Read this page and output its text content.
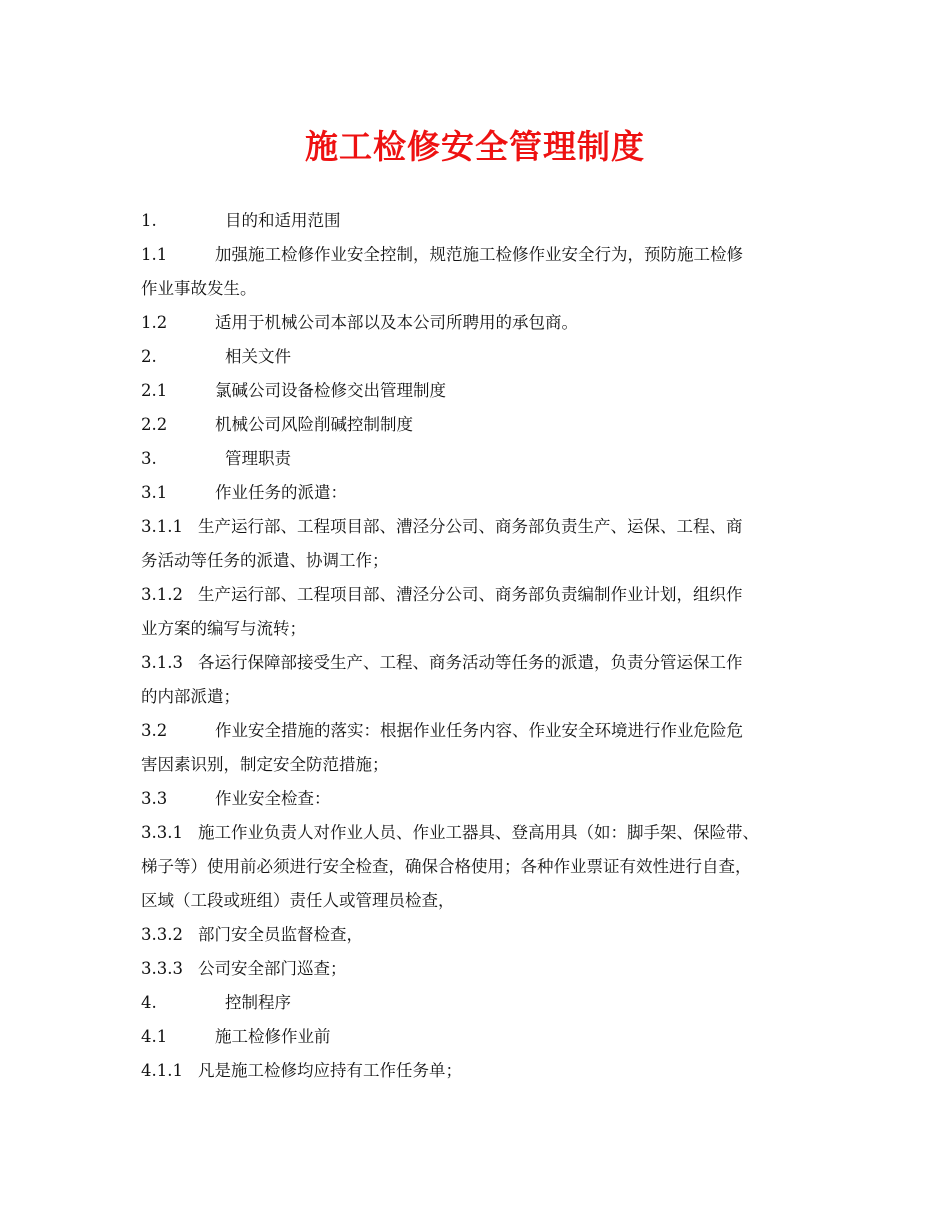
施工检修安全管理制度
1.	目的和适用范围
1.1	加强施工检修作业安全控制，规范施工检修作业安全行为，预防施工检修
作业事故发生。
1.2	适用于机械公司本部以及本公司所聘用的承包商。
2.	相关文件
2.1	氯碱公司设备检修交出管理制度
2.2	机械公司风险削碱控制制度
3.	管理职责
3.1	作业任务的派遣：
3.1.1 生产运行部、工程项目部、漕泾分公司、商务部负责生产、运保、工程、商
务活动等任务的派遣、协调工作；
3.1.2 生产运行部、工程项目部、漕泾分公司、商务部负责编制作业计划，组织作
业方案的编写与流转；
3.1.3 各运行保障部接受生产、工程、商务活动等任务的派遣，负责分管运保工作
的内部派遣；
3.2	作业安全措施的落实：根据作业任务内容、作业安全环境进行作业危险危
害因素识别，制定安全防范措施；
3.3	作业安全检查：
3.3.1 施工作业负责人对作业人员、作业工器具、登高用具（如：脚手架、保险带、
梯子等）使用前必须进行安全检查，确保合格使用；各种作业票证有效性进行自查，
区域（工段或班组）责任人或管理员检查，
3.3.2 部门安全员监督检查，
3.3.3 公司安全部门巡查；
4.	控制程序
4.1	施工检修作业前
4.1.1 凡是施工检修均应持有工作任务单；
